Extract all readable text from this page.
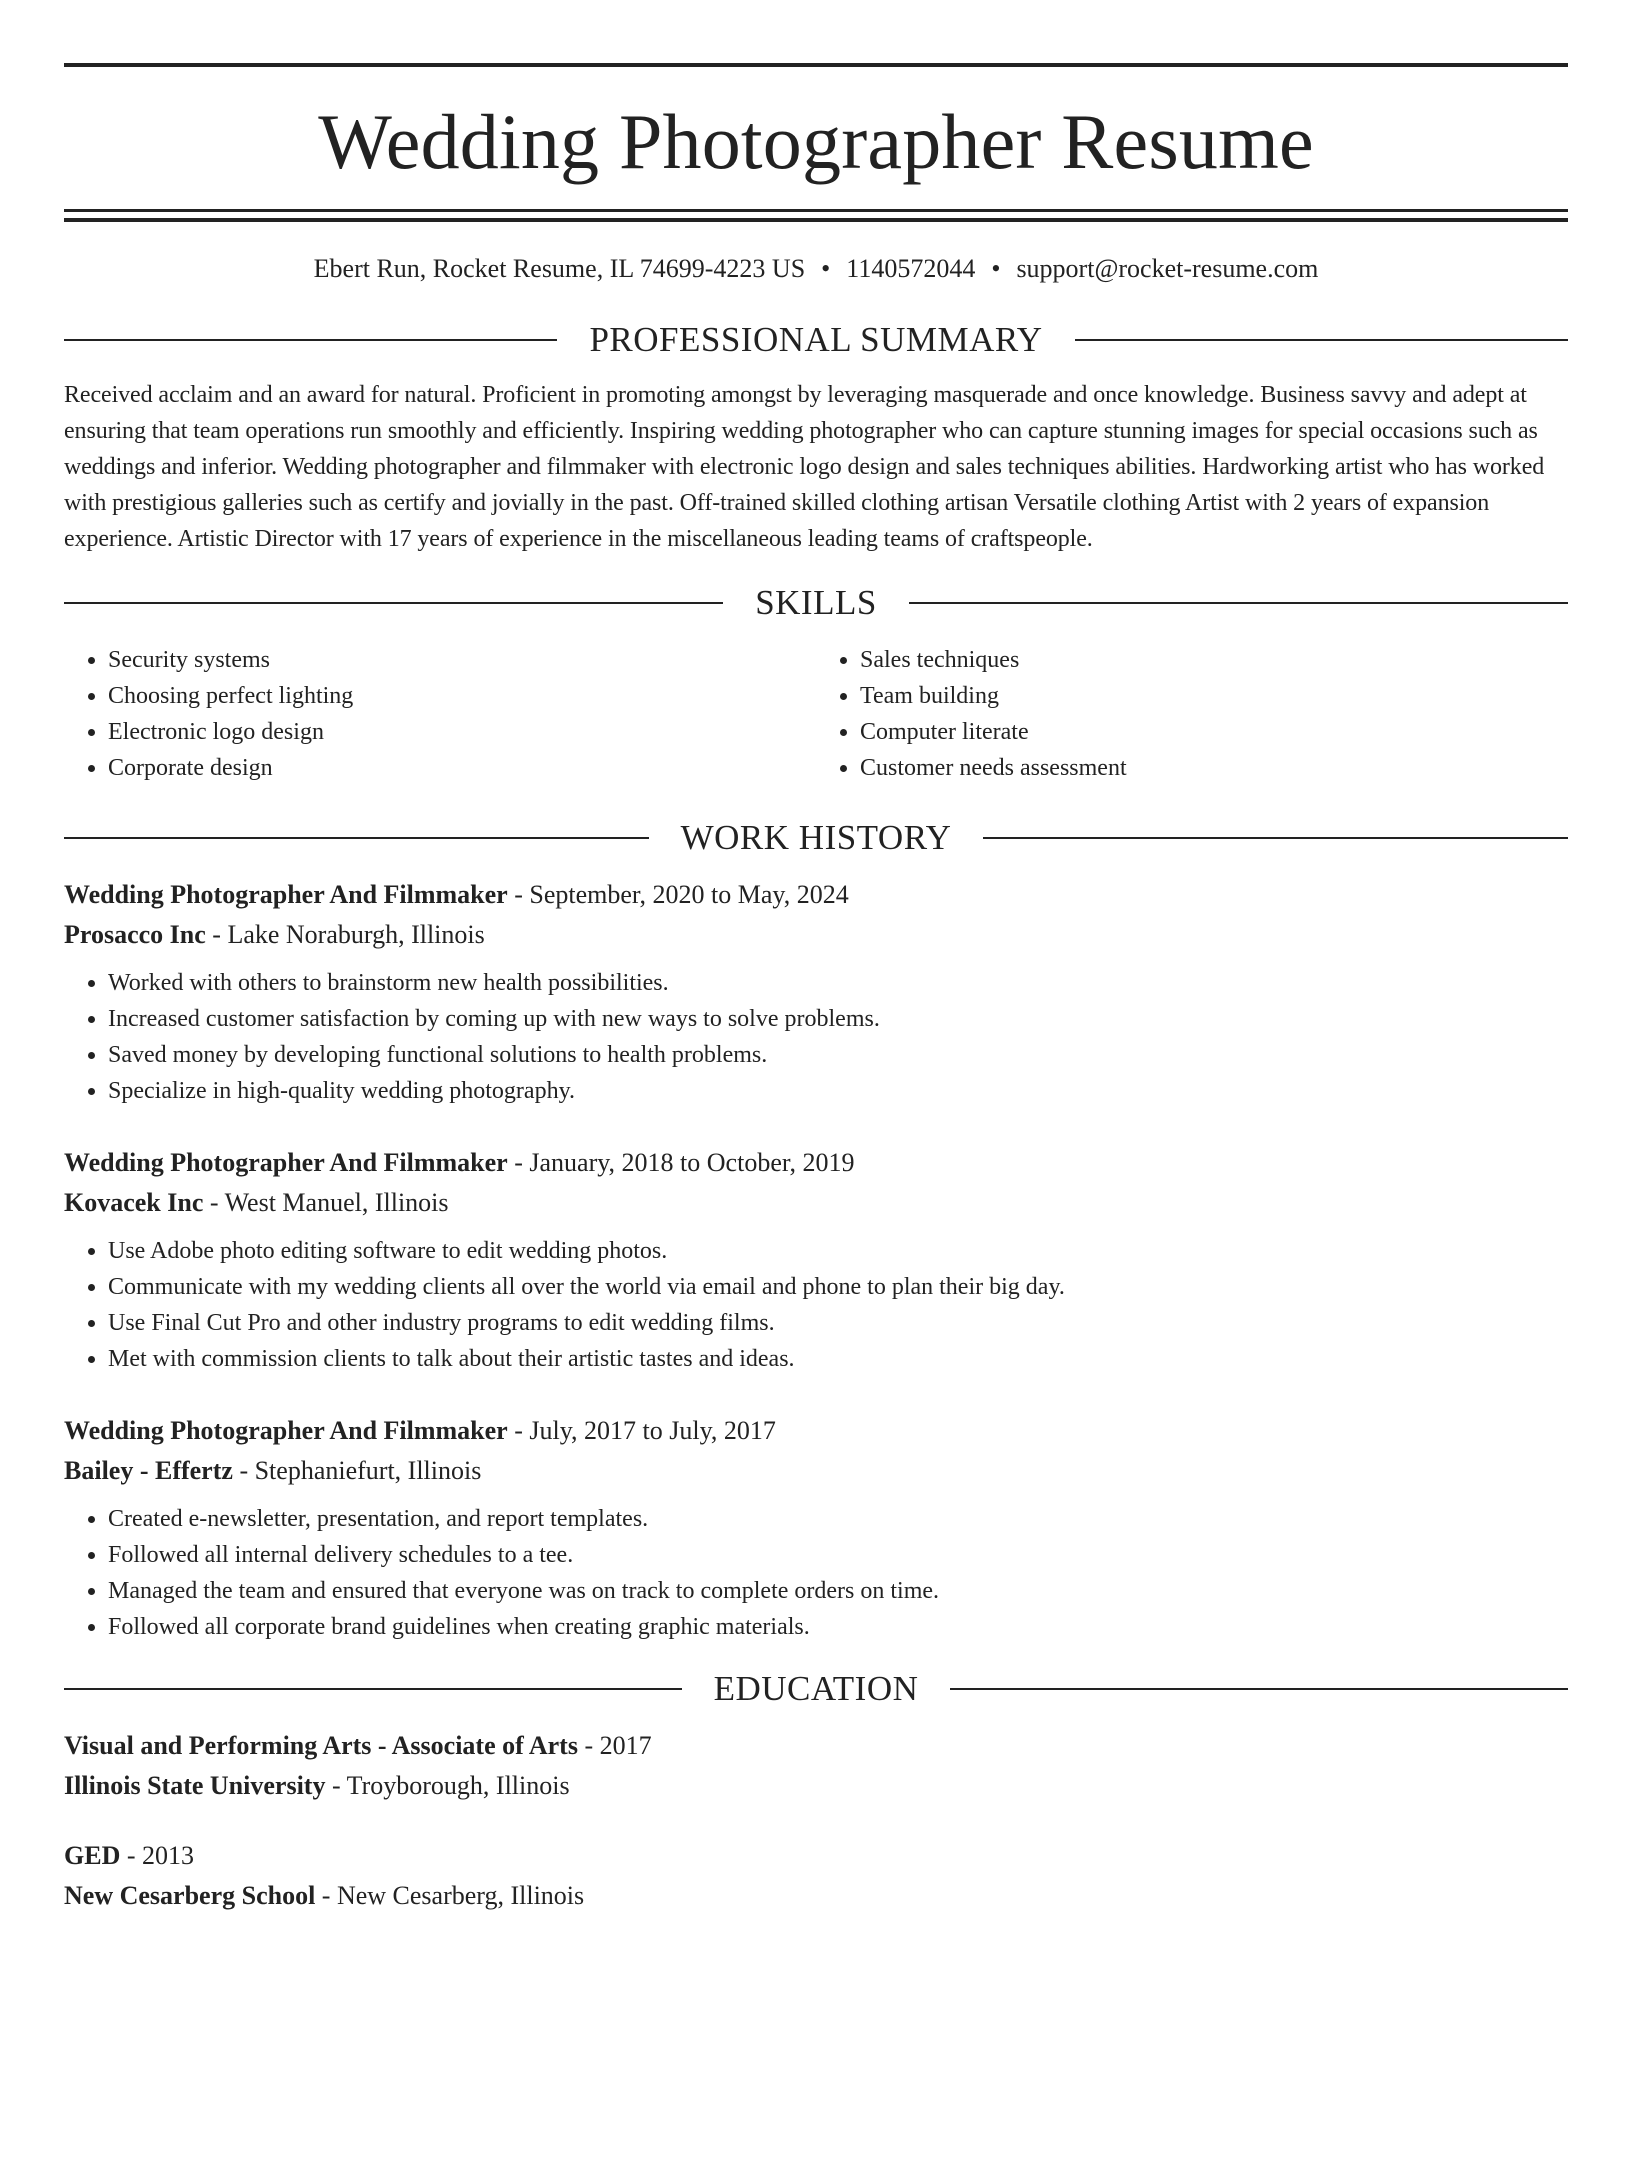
Wedding Photographer Resume
Ebert Run, Rocket Resume, IL 74699-4223 US • 1140572044 • support@rocket-resume.com
PROFESSIONAL SUMMARY

Received acclaim and an award for natural. Proficient in promoting amongst by leveraging masquerade and once knowledge. Business savvy and adept at ensuring that team operations run smoothly and efficiently. Inspiring wedding photographer who can capture stunning images for special occasions such as weddings and inferior. Wedding photographer and filmmaker with electronic logo design and sales techniques abilities. Hardworking artist who has worked with prestigious galleries such as certify and jovially in the past. Off-trained skilled clothing artisan Versatile clothing Artist with 2 years of expansion experience. Artistic Director with 17 years of experience in the miscellaneous leading teams of craftspeople.

SKILLS
• Security systems
• Choosing perfect lighting
• Electronic logo design
• Corporate design
• Sales techniques
• Team building
• Computer literate
• Customer needs assessment
WORK HISTORY
Wedding Photographer And Filmmaker - September, 2020 to May, 2024
Prosacco Inc - Lake Noraburgh, Illinois
• Worked with others to brainstorm new health possibilities.
• Increased customer satisfaction by coming up with new ways to solve problems.
• Saved money by developing functional solutions to health problems.
• Specialize in high-quality wedding photography.
Wedding Photographer And Filmmaker - January, 2018 to October, 2019
Kovacek Inc - West Manuel, Illinois
• Use Adobe photo editing software to edit wedding photos.
• Communicate with my wedding clients all over the world via email and phone to plan their big day.
• Use Final Cut Pro and other industry programs to edit wedding films.
• Met with commission clients to talk about their artistic tastes and ideas.
Wedding Photographer And Filmmaker - July, 2017 to July, 2017
Bailey - Effertz - Stephaniefurt, Illinois
• Created e-newsletter, presentation, and report templates.
• Followed all internal delivery schedules to a tee.
• Managed the team and ensured that everyone was on track to complete orders on time.
• Followed all corporate brand guidelines when creating graphic materials.
EDUCATION
Visual and Performing Arts - Associate of Arts - 2017
Illinois State University - Troyborough, Illinois
GED - 2013
New Cesarberg School - New Cesarberg, Illinois
